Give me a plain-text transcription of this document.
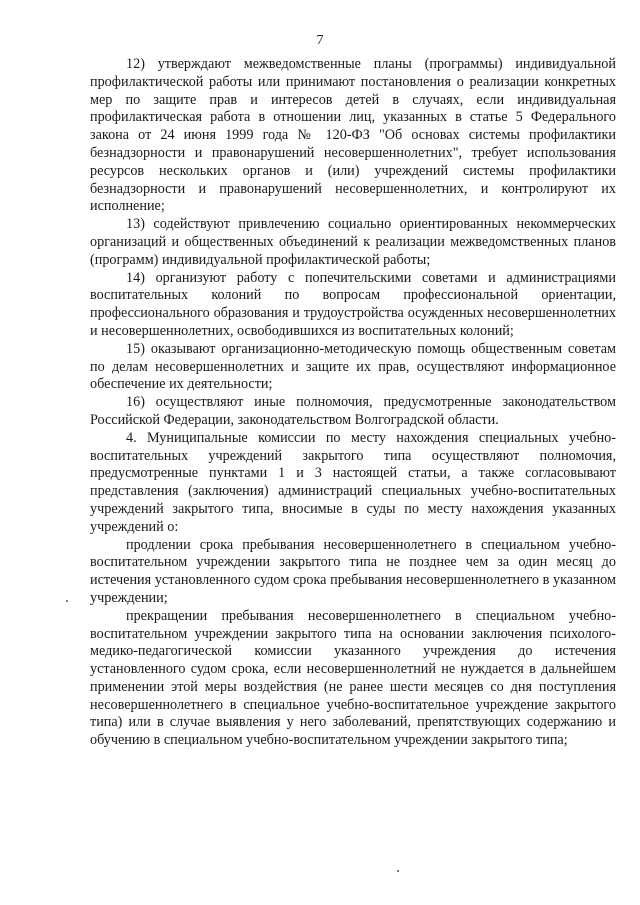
7

12) утверждают межведомственные планы (программы) индивидуальной профилактической работы или принимают постановления о реализации конкретных мер по защите прав и интересов детей в случаях, если индивидуальная профилактическая работа в отношении лиц, указанных в статье 5 Федерального закона от 24 июня 1999 года № 120-ФЗ "Об основах системы профилактики безнадзорности и правонарушений несовершеннолетних", требует использования ресурсов нескольких органов и (или) учреждений системы профилактики безнадзорности и правонарушений несовершеннолетних, и контролируют их исполнение;

13) содействуют привлечению социально ориентированных некоммерческих организаций и общественных объединений к реализации межведомственных планов (программ) индивидуальной профилактической работы;

14) организуют работу с попечительскими советами и администрациями воспитательных колоний по вопросам профессиональной ориентации, профессионального образования и трудоустройства осужденных несовершеннолетних и несовершеннолетних, освободившихся из воспитательных колоний;

15) оказывают организационно-методическую помощь общественным советам по делам несовершеннолетних и защите их прав, осуществляют информационное обеспечение их деятельности;

16) осуществляют иные полномочия, предусмотренные законодательством Российской Федерации, законодательством Волгоградской области.

4. Муниципальные комиссии по месту нахождения специальных учебно-воспитательных учреждений закрытого типа осуществляют полномочия, предусмотренные пунктами 1 и 3 настоящей статьи, а также согласовывают представления (заключения) администраций специальных учебно-воспитательных учреждений закрытого типа, вносимые в суды по месту нахождения указанных учреждений о:

продлении срока пребывания несовершеннолетнего в специальном учебно-воспитательном учреждении закрытого типа не позднее чем за один месяц до истечения установленного судом срока пребывания несовершеннолетнего в указанном учреждении;

прекращении пребывания несовершеннолетнего в специальном учебно-воспитательном учреждении закрытого типа на основании заключения психолого-медико-педагогической комиссии указанного учреждения до истечения установленного судом срока, если несовершеннолетний не нуждается в дальнейшем применении этой меры воздействия (не ранее шести месяцев со дня поступления несовершеннолетнего в специальное учебно-воспитательное учреждение закрытого типа) или в случае выявления у него заболеваний, препятствующих содержанию и обучению в специальном учебно-воспитательном учреждении закрытого типа;
